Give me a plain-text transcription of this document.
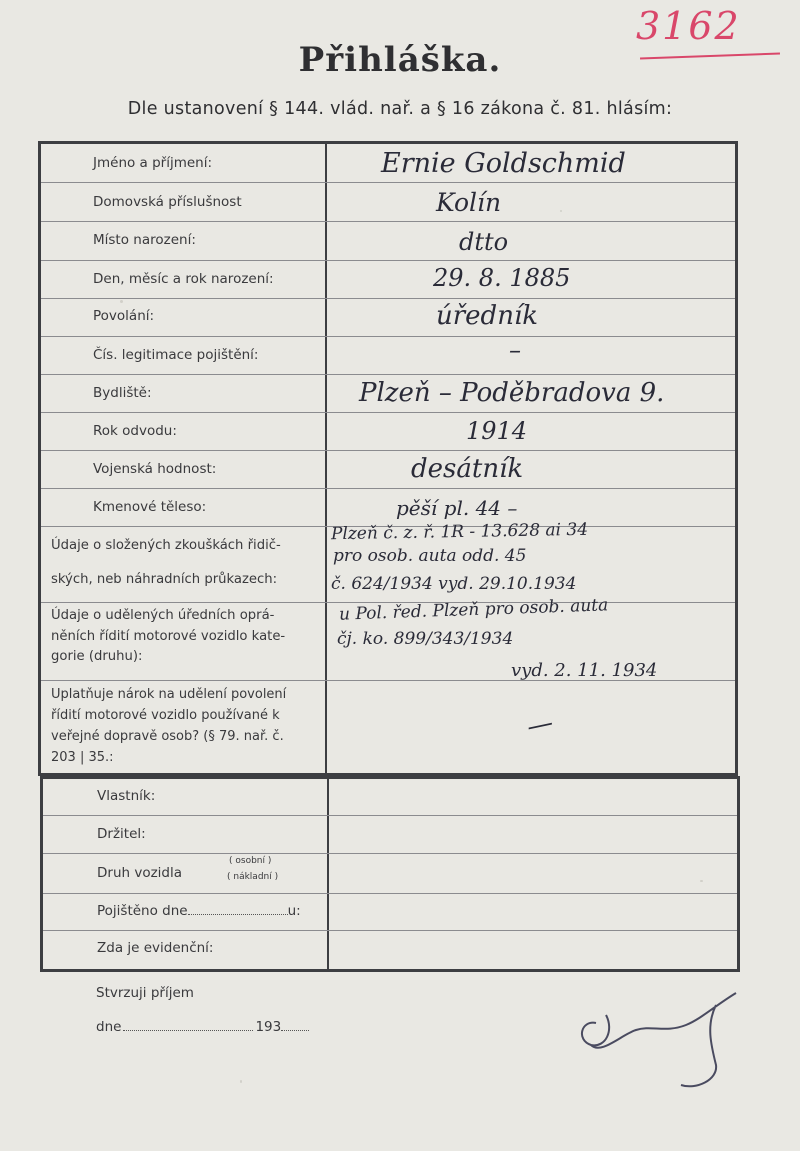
3162
Přihláška.
Dle ustanovení § 144. vlád. nař. a § 16 zákona č. 81. hlásím:
Jméno a příjmení:
Domovská příslušnost
Místo narození:
Den, měsíc a rok narození:
Povolání:
Čís. legitimace pojištění:
Bydliště:
Rok odvodu:
Vojenská hodnost:
Kmenové těleso:
Údaje o složených zkouškách řidič-
ských, neb náhradních průkazech:
Údaje o udělených úředních oprá-
něních řídití motorové vozidlo kate-
gorie (druhu):
Uplatňuje nárok na udělení povolení
řídití motorové vozidlo používané k
veřejné dopravě osob? (§ 79. nař. č.
203 | 35.:
Ernie Goldschmid
Kolín
dtto
29. 8. 1885
úředník
–
Plzeň – Poděbradova 9.
1914
desátník
pěší pl. 44 –
Plzeň č. z. ř. 1R - 13.628 ai 34
pro osob. auta odd. 45
č. 624/1934 vyd. 29.10.1934
u Pol. řed. Plzeň pro osob. auta
čj. ko. 899/343/1934
vyd. 2. 11. 1934
—
Vlastník:
Držitel:
Druh vozidla
( osobní )
( nákladní )
Pojištěno dne	u:
Zda je evidenční:
Stvrzuji příjem
dne	193
